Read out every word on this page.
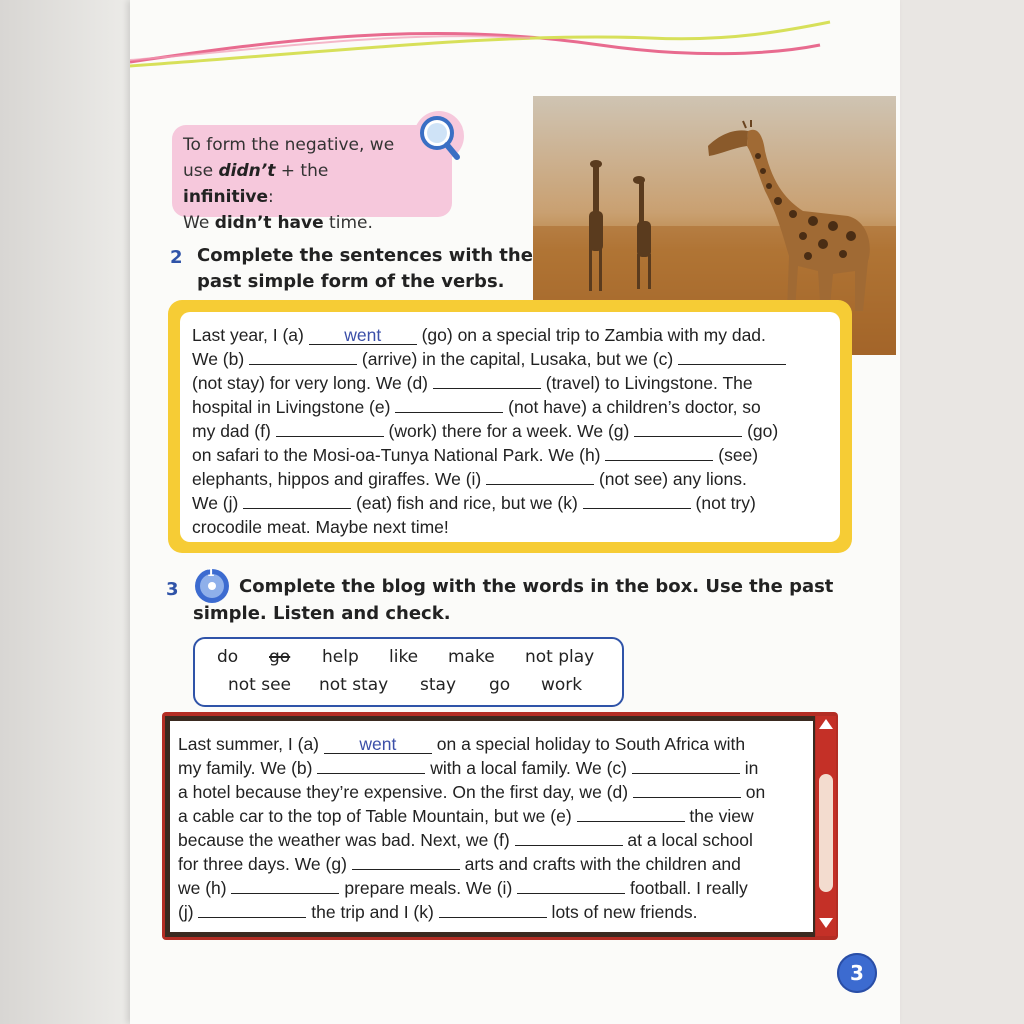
To form the negative, we
use didn’t + the infinitive:
We didn’t have time.
2 Complete the sentences with the
past simple form of the verbs.
Last year, I (a) went (go) on a special trip to Zambia with my dad.
We (b)	(arrive) in the capital, Lusaka, but we (c)
(not stay) for very long. We (d)	(travel) to Livingstone. The
hospital in Livingstone (e)	(not have) a children’s doctor, so
my dad (f)	(work) there for a week. We (g)	(go)
on safari to the Mosi-oa-Tunya National Park. We (h)	(see)
elephants, hippos and giraffes. We (i)	(not see) any lions.
We (j)	(eat) fish and rice, but we (k)	(not try)
crocodile meat. Maybe next time!
3
1
Complete the blog with the words in the box. Use the past
simple. Listen and check.
do go help like make not play
not see not stay stay go work
Last summer, I (a) went on a special holiday to South Africa with
my family. We (b)	with a local family. We (c)	in
a hotel because they’re expensive. On the first day, we (d)	on
a cable car to the top of Table Mountain, but we (e)	the view
because the weather was bad. Next, we (f)	at a local school
for three days. We (g)	arts and crafts with the children and
we (h)	prepare meals. We (i)	football. I really
(j)	the trip and I (k)	lots of new friends.
3
